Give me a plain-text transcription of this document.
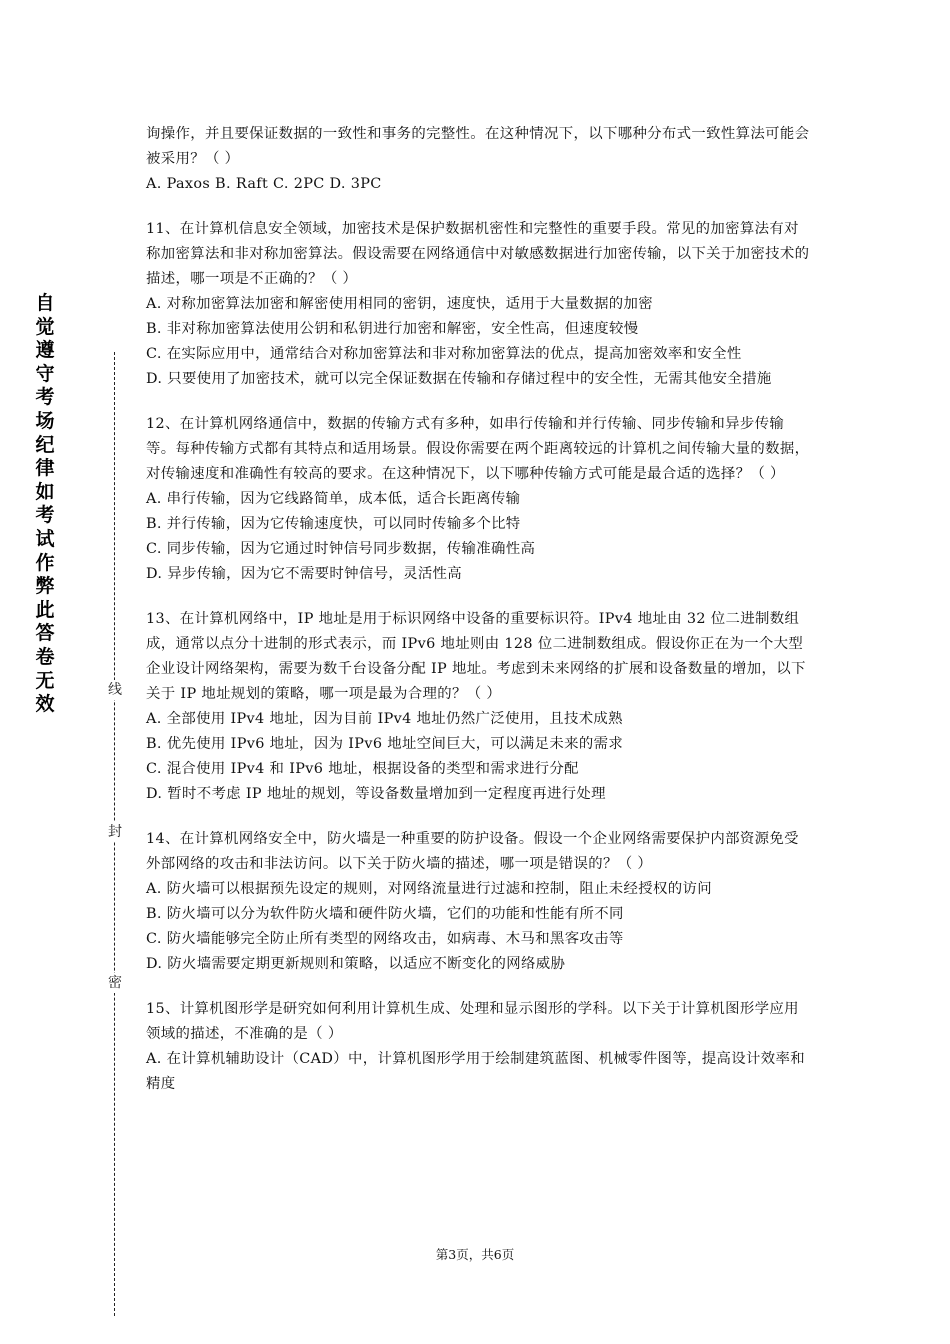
自觉遵守考场纪律如考试作弊此答卷无效
线
封
密

询操作，并且要保证数据的一致性和事务的完整性。在这种情况下，以下哪种分布式一致性算法可能会被采用？（ ）

A. Paxos B. Raft C. 2PC D. 3PC

11、在计算机信息安全领域，加密技术是保护数据机密性和完整性的重要手段。常见的加密算法有对称加密算法和非对称加密算法。假设需要在网络通信中对敏感数据进行加密传输，以下关于加密技术的描述，哪一项是不正确的？（ ）

A. 对称加密算法加密和解密使用相同的密钥，速度快，适用于大量数据的加密

B. 非对称加密算法使用公钥和私钥进行加密和解密，安全性高，但速度较慢

C. 在实际应用中，通常结合对称加密算法和非对称加密算法的优点，提高加密效率和安全性

D. 只要使用了加密技术，就可以完全保证数据在传输和存储过程中的安全性，无需其他安全措施

12、在计算机网络通信中，数据的传输方式有多种，如串行传输和并行传输、同步传输和异步传输等。每种传输方式都有其特点和适用场景。假设你需要在两个距离较远的计算机之间传输大量的数据，对传输速度和准确性有较高的要求。在这种情况下，以下哪种传输方式可能是最合适的选择？（ ）

A. 串行传输，因为它线路简单，成本低，适合长距离传输

B. 并行传输，因为它传输速度快，可以同时传输多个比特

C. 同步传输，因为它通过时钟信号同步数据，传输准确性高

D. 异步传输，因为它不需要时钟信号，灵活性高

13、在计算机网络中，IP 地址是用于标识网络中设备的重要标识符。IPv4 地址由 32 位二进制数组成，通常以点分十进制的形式表示，而 IPv6 地址则由 128 位二进制数组成。假设你正在为一个大型企业设计网络架构，需要为数千台设备分配 IP 地址。考虑到未来网络的扩展和设备数量的增加，以下关于 IP 地址规划的策略，哪一项是最为合理的？（ ）

A. 全部使用 IPv4 地址，因为目前 IPv4 地址仍然广泛使用，且技术成熟

B. 优先使用 IPv6 地址，因为 IPv6 地址空间巨大，可以满足未来的需求

C. 混合使用 IPv4 和 IPv6 地址，根据设备的类型和需求进行分配

D. 暂时不考虑 IP 地址的规划，等设备数量增加到一定程度再进行处理

14、在计算机网络安全中，防火墙是一种重要的防护设备。假设一个企业网络需要保护内部资源免受外部网络的攻击和非法访问。以下关于防火墙的描述，哪一项是错误的？（ ）

A. 防火墙可以根据预先设定的规则，对网络流量进行过滤和控制，阻止未经授权的访问

B. 防火墙可以分为软件防火墙和硬件防火墙，它们的功能和性能有所不同

C. 防火墙能够完全防止所有类型的网络攻击，如病毒、木马和黑客攻击等

D. 防火墙需要定期更新规则和策略，以适应不断变化的网络威胁

15、计算机图形学是研究如何利用计算机生成、处理和显示图形的学科。以下关于计算机图形学应用领域的描述，不准确的是（ ）

A. 在计算机辅助设计（CAD）中，计算机图形学用于绘制建筑蓝图、机械零件图等，提高设计效率和精度

第3页，共6页
